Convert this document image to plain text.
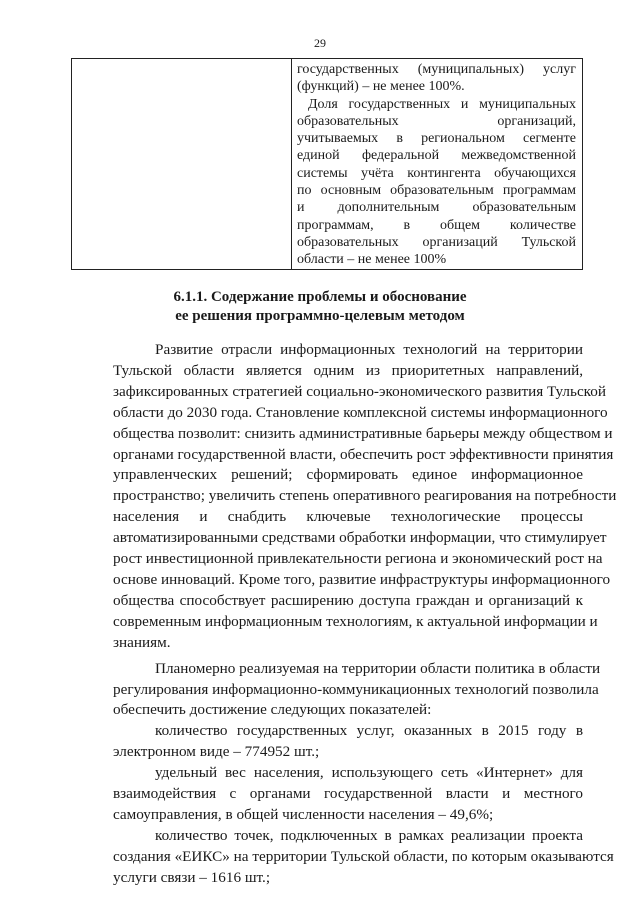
29
государственных (муниципальных) услуг
(функций) – не менее 100%.
Доля государственных и муниципальных
образовательных организаций,
учитываемых в региональном сегменте
единой федеральной межведомственной
системы учёта контингента обучающихся
по основным образовательным программам
и дополнительным образовательным
программам, в общем количестве
образовательных организаций Тульской
области – не менее 100%
6.1.1. Содержание проблемы и обоснование
ее решения программно-целевым методом
Развитие отрасли информационных технологий на территории
Тульской области является одним из приоритетных направлений,
зафиксированных стратегией социально-экономического развития Тульской
области до 2030 года. Становление комплексной системы информационного
общества позволит: снизить административные барьеры между обществом и
органами государственной власти, обеспечить рост эффективности принятия
управленческих решений; сформировать единое информационное
пространство; увеличить степень оперативного реагирования на потребности
населения и снабдить ключевые технологические процессы
автоматизированными средствами обработки информации, что стимулирует
рост инвестиционной привлекательности региона и экономический рост на
основе инноваций. Кроме того, развитие инфраструктуры информационного
общества способствует расширению доступа граждан и организаций к
современным информационным технологиям, к актуальной информации и
знаниям.
Планомерно реализуемая на территории области политика в области
регулирования информационно-коммуникационных технологий позволила
обеспечить достижение следующих показателей:
количество государственных услуг, оказанных в 2015 году в
электронном виде – 774952 шт.;
удельный вес населения, использующего сеть «Интернет» для
взаимодействия с органами государственной власти и местного
самоуправления, в общей численности населения – 49,6%;
количество точек, подключенных в рамках реализации проекта
создания «ЕИКС» на территории Тульской области, по которым оказываются
услуги связи – 1616 шт.;
